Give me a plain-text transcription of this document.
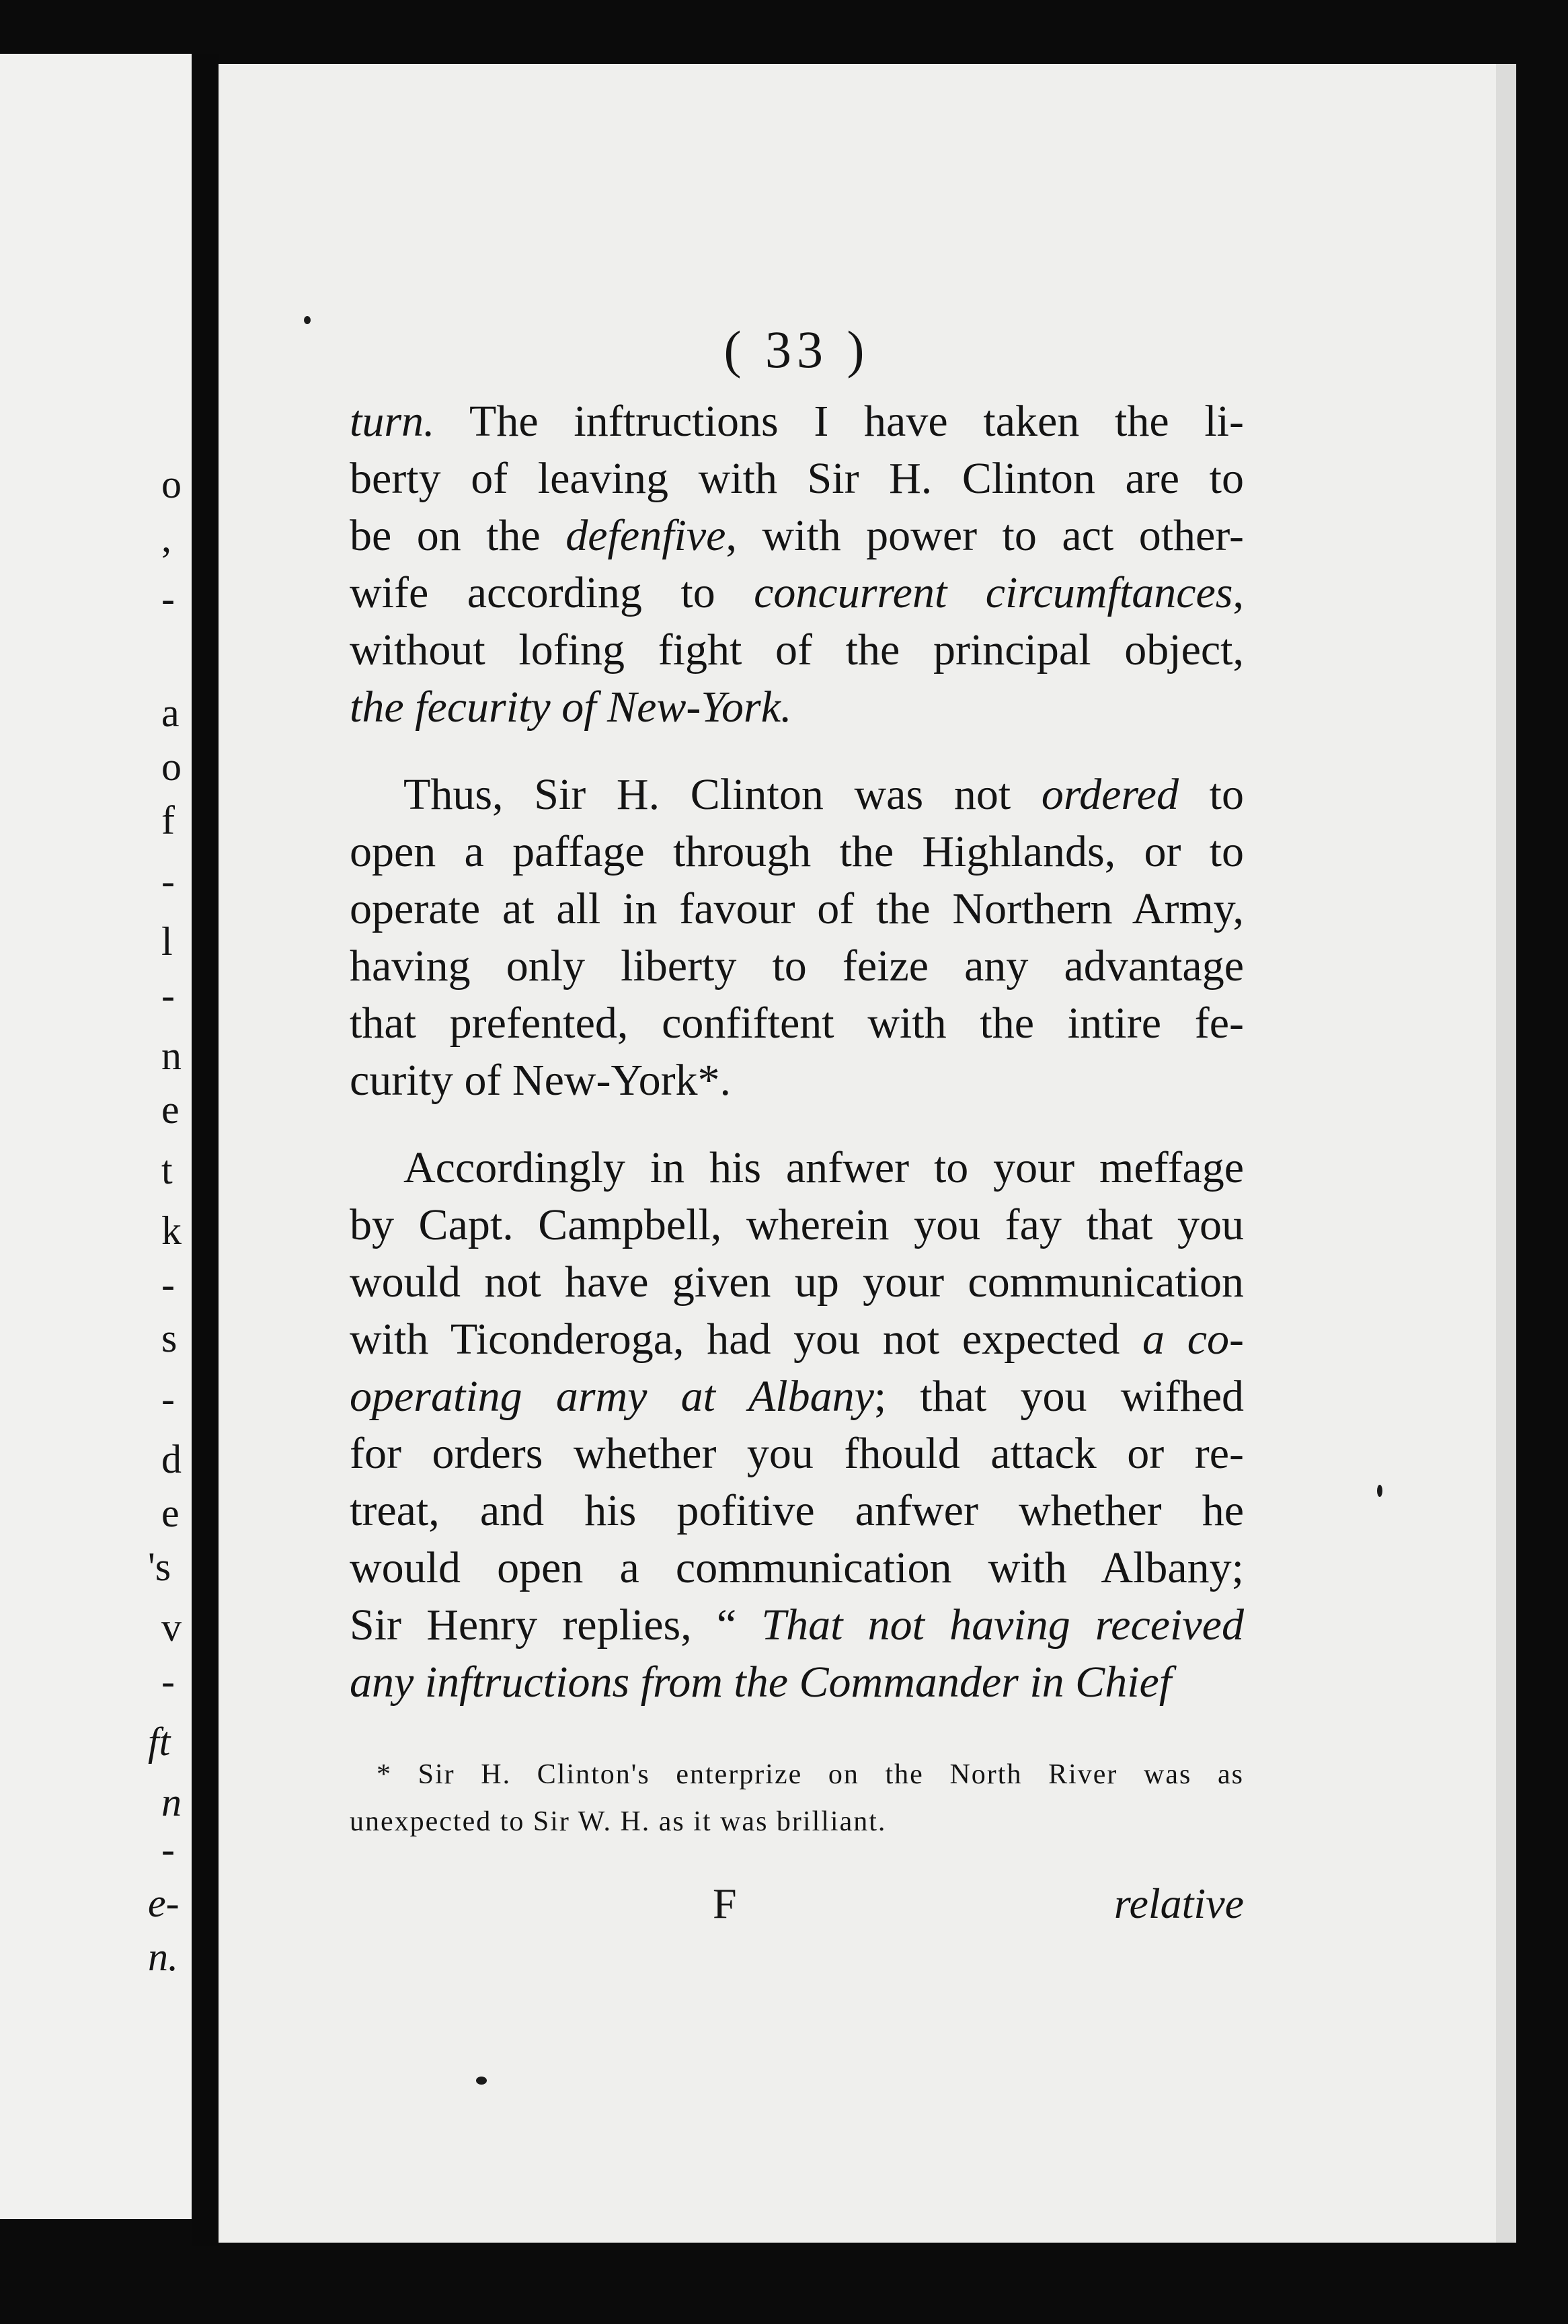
o
,
-
a
o
f
-
l
-
n
e
t
k
-
s
-
d
e
's
v
-
ft
n
-
e-
n.
( 33 )
turn. The inftructions I have taken the li-
berty of leaving with Sir H. Clinton are to
be on the defenfive, with power to act other-
wife according to concurrent circumftances,
without lofing fight of the principal object,
the fecurity of New-York.
Thus, Sir H. Clinton was not ordered to
open a paffage through the Highlands, or to
operate at all in favour of the Northern Army,
having only liberty to feize any advantage
that prefented, confiftent with the intire fe-
curity of New-York*.
Accordingly in his anfwer to your meffage
by Capt. Campbell, wherein you fay that you
would not have given up your communication
with Ticonderoga, had you not expected a co-
operating army at Albany; that you wifhed
for orders whether you fhould attack or re-
treat, and his pofitive anfwer whether he
would open a communication with Albany;
Sir Henry replies, “ That not having received
any inftructions from the Commander in Chief
* Sir H. Clinton's enterprize on the North River was as
unexpected to Sir W. H. as it was brilliant.
F	relative
